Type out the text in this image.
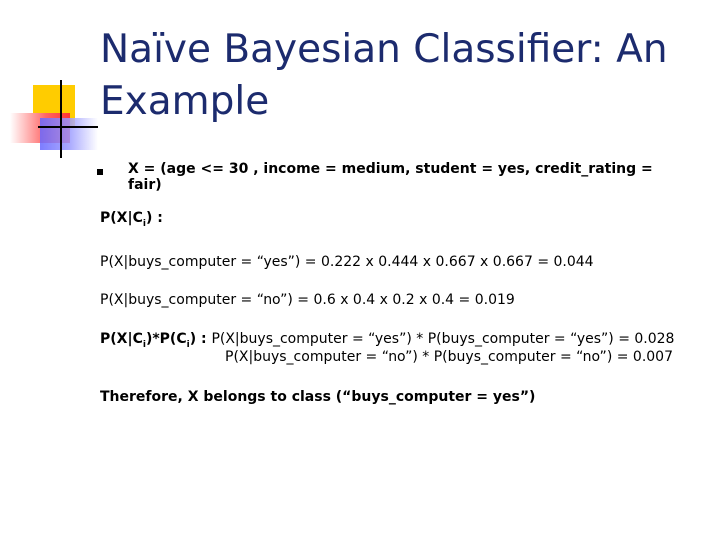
Naïve Bayesian Classifier: An Example
X = (age <= 30 , income = medium, student = yes, credit_rating = fair)
$P(X|C_i)$ :
P(X|buys_computer = “yes”) = 0.222 x 0.444 x 0.667 x 0.667 = 0.044
P(X|buys_computer = “no”) = 0.6 x 0.4 x 0.2 x 0.4 = 0.019
$P(X|C_i)*P(C_i)$ : P(X|buys_computer = “yes”) * P(buys_computer = “yes”) = 0.028
P(X|buys_computer = “no”) * P(buys_computer = “no”) = 0.007
Therefore, X belongs to class (“buys_computer = yes”)
